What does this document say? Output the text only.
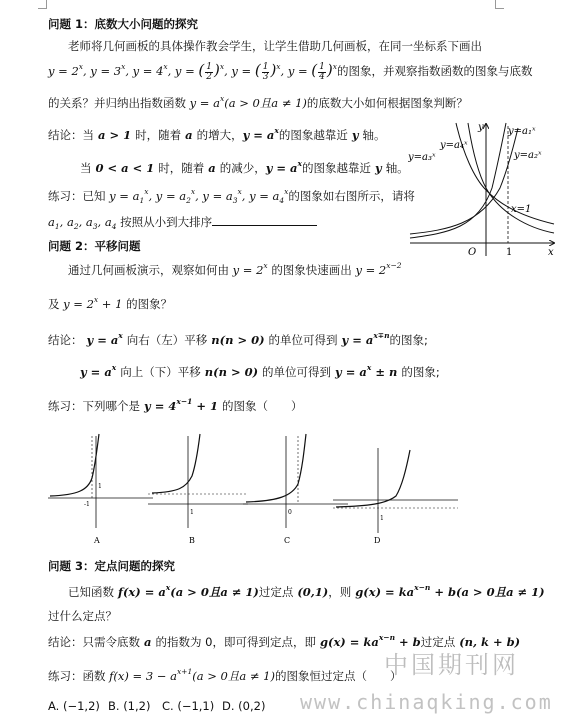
问题 1：底数大小问题的探究
老师将几何画板的具体操作教会学生，让学生借助几何画板，在同一坐标系下画出
$y = 2^x$, $y = 3^x$, $y = 4^x$, y = ( $\frac{1}{2} )^x$, y = ( $\frac{1}{3} )^x$, y = ( $\frac{1}{4} )^x$的图象，并观察指数函数的图象与底数
的关系？并归纳出指数函数 $y = a^x(a > 0$且a ≠ 1)的底数大小如何根据图象判断？
结论：当 a > 1 时，随着 a 的增大，$y = a^x$的图象越靠近 y 轴。
当 0 < a < 1 时，随着 a 的减少，$y = a^x$的图象越靠近 y 轴。
练习：已知 $y = a_1^x$, $y = a_2^x$, $y = a_3^x$, $y = a_4^x$的图象如右图所示，请将
$a_1$, $a_2$, $a_3$, $a_4$ 按照从小到大排序
y=a₁ˣ
y=a₂ˣ
y=a₃ˣ
y=a₄ˣ
x=1
x
y
O	1
问题 2：平移问题
通过几何画板演示，观察如何由 $y = 2^x$ 的图象快速画出 $y = 2^{x-2}$
及 $y = 2^x + 1$ 的图象？
结论： $y = a^x$ 向右（左）平移 n(n > 0) 的单位可得到 $y = a^{x\mp n}$的图象;
$y = a^x$ 向上（下）平移 n(n > 0) 的单位可得到 $y = a^x \pm n$ 的图象;
练习：下列哪个是 $y = 4^{x-1} + 1$ 的图象（　　）
-1
1
A
1
B
0
C
1
D
问题 3：定点问题的探究
已知函数 $f(x) = a^x(a > 0$且a ≠ 1)过定点 (0,1)，则 $g(x) = ka^{x-n} + b(a > 0$且a ≠ 1)
过什么定点？
结论：只需令底数 a 的指数为 0，即可得到定点，即 $g(x) = ka^{x-n} + b$过定点 (n, k + b)
练习：函数 $f(x) = 3 - a^{x+1}(a > 0$且a ≠ 1)的图象恒过定点（　　）
A. (−1,2) B. (1,2) C. (−1,1) D. (0,2)
中国期刊网
www.chinaqking.com
